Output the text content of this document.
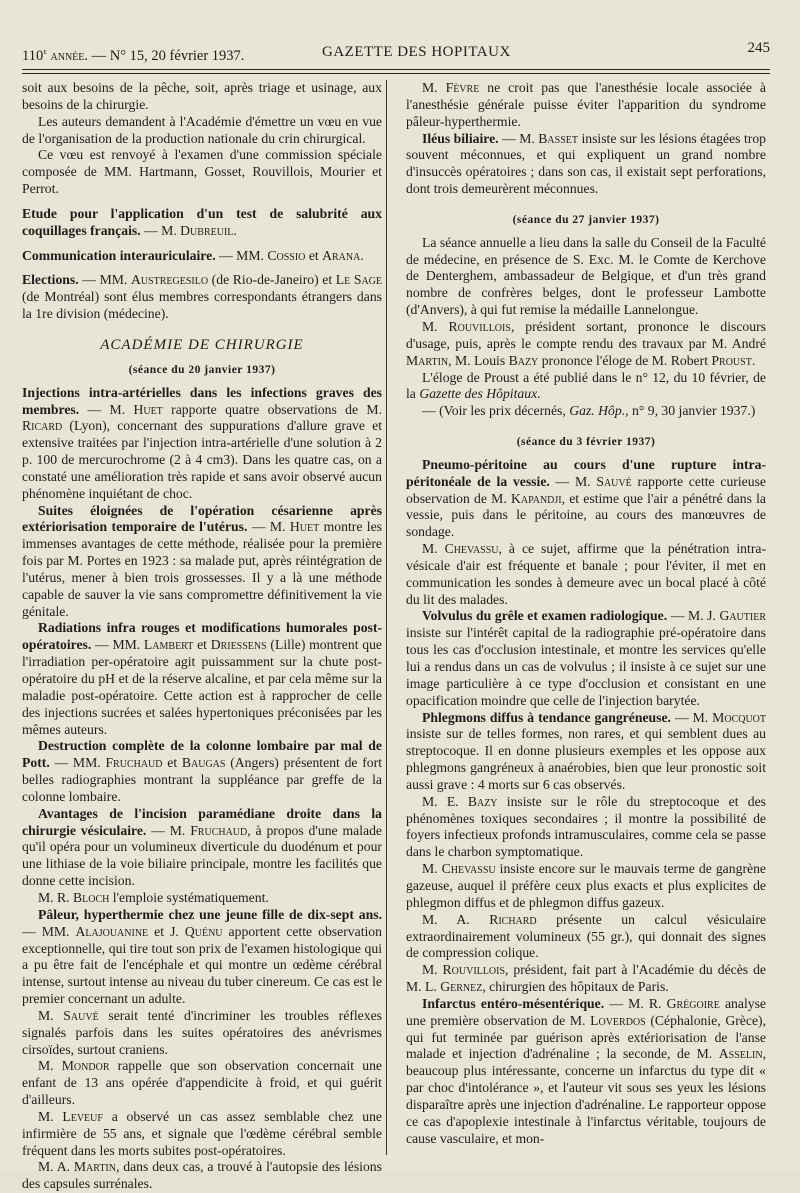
110e année. — N° 15, 20 février 1937.	GAZETTE DES HOPITAUX	245

soit aux besoins de la pêche, soit, après triage et usinage, aux besoins de la chirurgie.

Les auteurs demandent à l'Académie d'émettre un vœu en vue de l'organisation de la production nationale du crin chirurgical.

Ce vœu est renvoyé à l'examen d'une commission spéciale composée de MM. Hartmann, Gosset, Rouvillois, Mourier et Perrot.

Etude pour l'application d'un test de salubrité aux coquillages français. — M. Dubreuil.

Communication interauriculaire. — MM. Cossio et Arana.

Elections. — MM. Austregesilo (de Rio-de-Janeiro) et Le Sage (de Montréal) sont élus membres correspondants étrangers dans la 1re division (médecine).

ACADÉMIE DE CHIRURGIE
(séance du 20 janvier 1937)

Injections intra-artérielles dans les infections graves des membres. — M. Huet rapporte quatre observations de M. Ricard (Lyon), concernant des suppurations d'allure grave et extensive traitées par l'injection intra-artérielle d'une solution à 2 p. 100 de mercurochrome (2 à 4 cm3). Dans les quatre cas, on a constaté une amélioration très rapide et sans avoir observé aucun phénomène inquiétant de choc.

Suites éloignées de l'opération césarienne après extériorisation temporaire de l'utérus. — M. Huet montre les immenses avantages de cette méthode, réalisée pour la première fois par M. Portes en 1923 : sa malade put, après réintégration de l'utérus, mener à bien trois grossesses. Il y a là une méthode capable de sauver la vie sans compromettre définitivement la vie génitale.

Radiations infra rouges et modifications humorales post-opératoires. — MM. Lambert et Driessens (Lille) montrent que l'irradiation per-opératoire agit puissamment sur la chute post-opératoire du pH et de la réserve alcaline, et par cela même sur la maladie post-opératoire. Cette action est à rapprocher de celle des injections sucrées et salées hypertoniques préconisées par les mêmes auteurs.

Destruction complète de la colonne lombaire par mal de Pott. — MM. Fruchaud et Baugas (Angers) présentent de fort belles radiographies montrant la suppléance par greffe de la colonne lombaire.

Avantages de l'incision paramédiane droite dans la chirurgie vésiculaire. — M. Fruchaud, à propos d'une malade qu'il opéra pour un volumineux diverticule du duodénum et pour une lithiase de la voie biliaire principale, montre les facilités que donne cette incision.

M. R. Bloch l'emploie systématiquement.

Pâleur, hyperthermie chez une jeune fille de dix-sept ans. — MM. Alajouanine et J. Quénu apportent cette observation exceptionnelle, qui tire tout son prix de l'examen histologique qui a pu être fait de l'encéphale et qui montre un œdème cérébral intense, surtout intense au niveau du tuber cinereum. Ce cas est le premier concernant un adulte.

M. Sauvé serait tenté d'incriminer les troubles réflexes signalés parfois dans les suites opératoires des anévrismes cirsoïdes, surtout craniens.

M. Mondor rappelle que son observation concernait une enfant de 13 ans opérée d'appendicite à froid, et qui guérit d'ailleurs.

M. Leveuf a observé un cas assez semblable chez une infirmière de 55 ans, et signale que l'œdème cérébral semble fréquent dans les morts subites post-opératoires.

M. A. Martin, dans deux cas, a trouvé à l'autopsie des lésions des capsules surrénales.

M. Fèvre ne croit pas que l'anesthésie locale associée à l'anesthésie générale puisse éviter l'apparition du syndrome pâleur-hyperthermie.

Iléus biliaire. — M. Basset insiste sur les lésions étagées trop souvent méconnues, et qui expliquent un grand nombre d'insuccès opératoires ; dans son cas, il existait sept perforations, dont trois demeurèrent méconnues.

(séance du 27 janvier 1937)

La séance annuelle a lieu dans la salle du Conseil de la Faculté de médecine, en présence de S. Exc. M. le Comte de Kerchove de Denterghem, ambassadeur de Belgique, et d'un très grand nombre de confrères belges, dont le professeur Lambotte (d'Anvers), à qui fut remise la médaille Lannelongue.

M. Rouvillois, président sortant, prononce le discours d'usage, puis, après le compte rendu des travaux par M. André Martin, M. Louis Bazy prononce l'éloge de M. Robert Proust.

L'éloge de Proust a été publié dans le n° 12, du 10 février, de la Gazette des Hôpitaux.

— (Voir les prix décernés, Gaz. Hôp., n° 9, 30 janvier 1937.)

(séance du 3 février 1937)

Pneumo-péritoine au cours d'une rupture intra-péritonéale de la vessie. — M. Sauvé rapporte cette curieuse observation de M. Kapandji, et estime que l'air a pénétré dans la vessie, puis dans le péritoine, au cours des manœuvres de sondage.

M. Chevassu, à ce sujet, affirme que la pénétration intra-vésicale d'air est fréquente et banale ; pour l'éviter, il met en communication les sondes à demeure avec un bocal placé à côté du lit des malades.

Volvulus du grêle et examen radiologique. — M. J. Gautier insiste sur l'intérêt capital de la radiographie pré-opératoire dans tous les cas d'occlusion intestinale, et montre les services qu'elle lui a rendus dans un cas de volvulus ; il insiste à ce sujet sur une image particulière à ce type d'occlusion et consistant en une opacification moindre que celle de l'injection barytée.

Phlegmons diffus à tendance gangréneuse. — M. Mocquot insiste sur de telles formes, non rares, et qui semblent dues au streptocoque. Il en donne plusieurs exemples et les oppose aux phlegmons gangréneux à anaérobies, bien que leur pronostic soit aussi grave : 4 morts sur 6 cas observés.

M. E. Bazy insiste sur le rôle du streptocoque et des phénomènes toxiques secondaires ; il montre la possibilité de foyers infectieux profonds intramusculaires, comme cela se passe dans le charbon symptomatique.

M. Chevassu insiste encore sur le mauvais terme de gangrène gazeuse, auquel il préfère ceux plus exacts et plus explicites de phlegmon diffus et de phlegmon diffus gazeux.

M. A. Richard présente un calcul vésiculaire extraordinairement volumineux (55 gr.), qui donnait des signes de compression colique.

M. Rouvillois, président, fait part à l'Académie du décès de M. L. Gernez, chirurgien des hôpitaux de Paris.

Infarctus entéro-mésentérique. — M. R. Grégoire analyse une première observation de M. Loverdos (Céphalonie, Grèce), qui fut terminée par guérison après extériorisation de l'anse malade et injection d'adrénaline ; la seconde, de M. Asselin, beaucoup plus intéressante, concerne un infarctus du type dit « par choc d'intolérance », et l'auteur vit sous ses yeux les lésions disparaître après une injection d'adrénaline. Le rapporteur oppose ce cas d'apoplexie intestinale à l'infarctus véritable, toujours de cause vasculaire, et mon-
